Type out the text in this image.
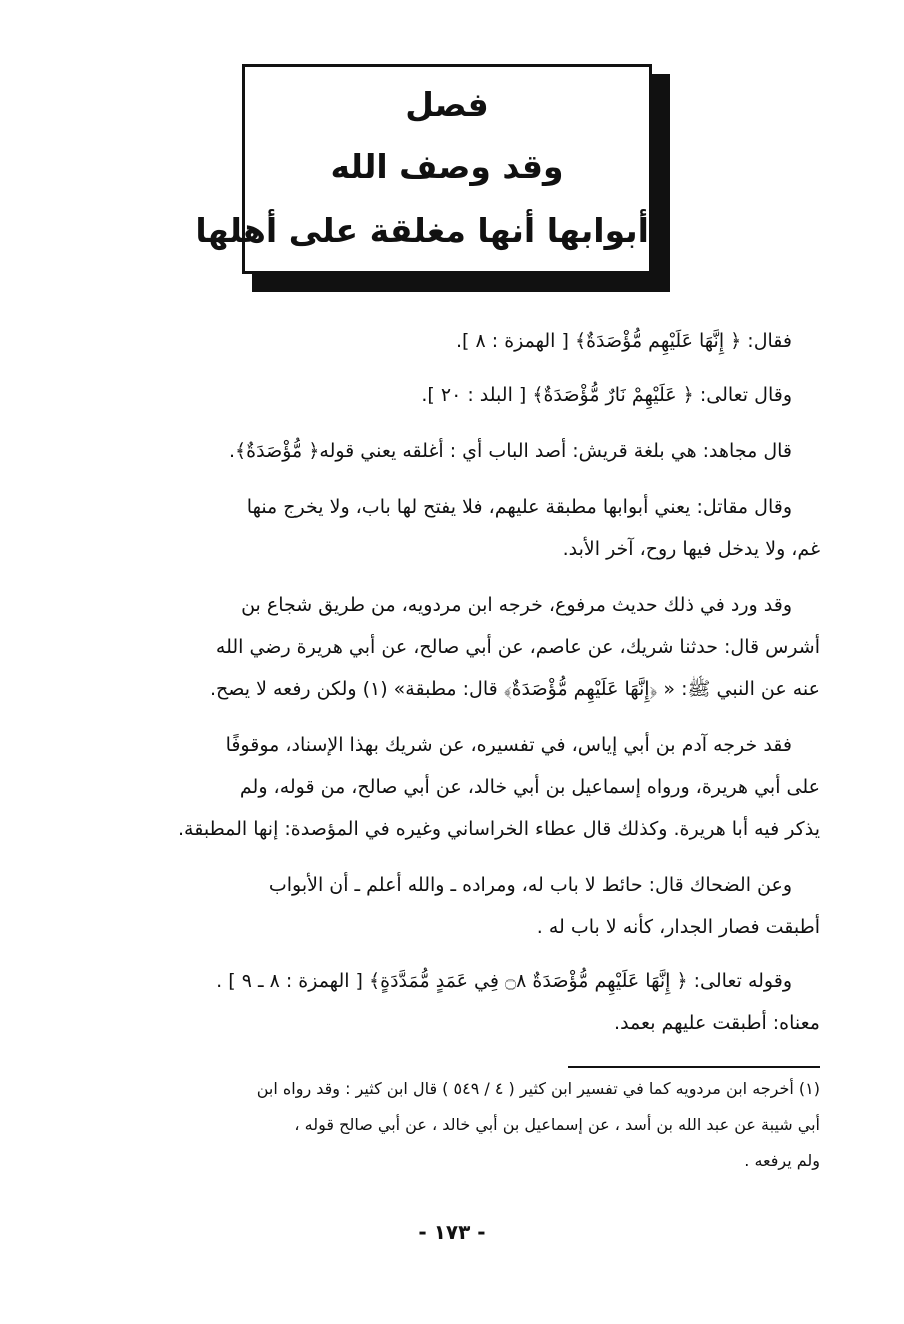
فصل
وقد وصف الله
أبوابها أنها مغلقة على أهلها
فقال: ﴿ إِنَّهَا عَلَيْهِم مُّؤْصَدَةٌ﴾ [ الهمزة : ٨ ].
وقال تعالى: ﴿ عَلَيْهِمْ نَارٌ مُّؤْصَدَةٌ﴾ [ البلد : ٢٠ ].
قال مجاهد: هي بلغة قريش: أصد الباب أي : أغلقه يعني قوله﴿ مُّؤْصَدَةٌ﴾.
وقال مقاتل: يعني أبوابها مطبقة عليهم، فلا يفتح لها باب، ولا يخرج منها
غم، ولا يدخل فيها روح، آخر الأبد.
وقد ورد في ذلك حديث مرفوع، خرجه ابن مردويه، من طريق شجاع بن
أشرس قال: حدثنا شريك، عن عاصم، عن أبي صالح، عن أبي هريرة رضي الله
عنه عن النبي ﷺ: « ﴿إِنَّهَا عَلَيْهِم مُّؤْصَدَةٌ﴾ قال: مطبقة» (١) ولكن رفعه لا يصح.
فقد خرجه آدم بن أبي إياس، في تفسيره، عن شريك بهذا الإسناد، موقوفًا
على أبي هريرة، ورواه إسماعيل بن أبي خالد، عن أبي صالح، من قوله، ولم
يذكر فيه أبا هريرة. وكذلك قال عطاء الخراساني وغيره في المؤصدة: إنها المطبقة.
وعن الضحاك قال: حائط لا باب له، ومراده ـ والله أعلم ـ أن الأبواب
أطبقت فصار الجدار، كأنه لا باب له .
وقوله تعالى: ﴿ إِنَّهَا عَلَيْهِم مُّؤْصَدَةٌ ۝٨ فِي عَمَدٍ مُّمَدَّدَةٍ﴾ [ الهمزة : ٨ ـ ٩ ] .
معناه: أطبقت عليهم بعمد.
(١) أخرجه ابن مردويه كما في تفسير ابن كثير ( ٤ / ٥٤٩ ) قال ابن كثير : وقد رواه ابن
أبي شيبة عن عبد الله بن أسد ، عن إسماعيل بن أبي خالد ، عن أبي صالح قوله ،
ولم يرفعه .
- ١٧٣ -
